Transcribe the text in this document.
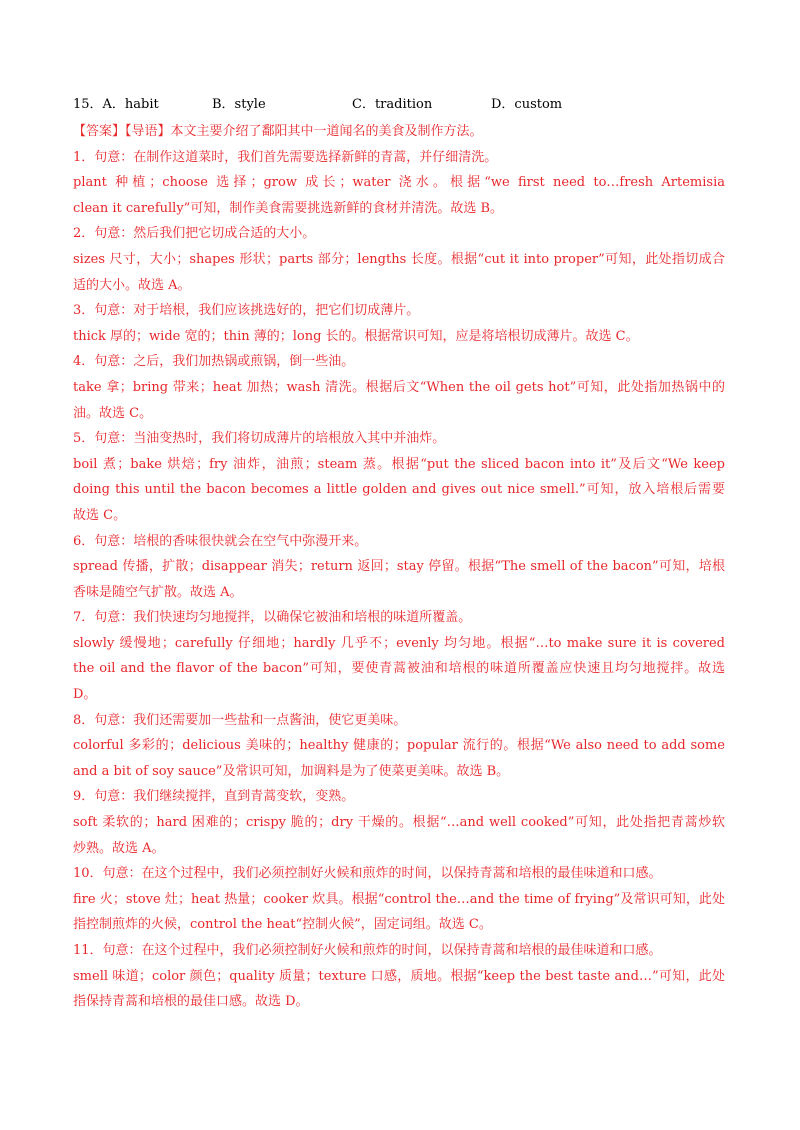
15．A．habit	B．style	C．tradition	D．custom
【答案】【导语】本文主要介绍了鄱阳其中一道闻名的美食及制作方法。
1．句意：在制作这道菜时，我们首先需要选择新鲜的青蒿，并仔细清洗。
plant 种植；choose 选择；grow 成长；water 浇水。根据“we first need to…fresh Artemisia
clean it carefully”可知，制作美食需要挑选新鲜的食材并清洗。故选 B。
2．句意：然后我们把它切成合适的大小。
sizes 尺寸，大小；shapes 形状；parts 部分；lengths 长度。根据“cut it into proper”可知，此处指切成合
适的大小。故选 A。
3．句意：对于培根，我们应该挑选好的，把它们切成薄片。
thick 厚的；wide 宽的；thin 薄的；long 长的。根据常识可知，应是将培根切成薄片。故选 C。
4．句意：之后，我们加热锅或煎锅，倒一些油。
take 拿；bring 带来；heat 加热；wash 清洗。根据后文“When the oil gets hot”可知，此处指加热锅中的
油。故选 C。
5．句意：当油变热时，我们将切成薄片的培根放入其中并油炸。
boil 煮；bake 烘焙；fry 油炸，油煎；steam 蒸。根据“put the sliced bacon into it”及后文“We keep
doing this until the bacon becomes a little golden and gives out nice smell.”可知，放入培根后需要
故选 C。
6．句意：培根的香味很快就会在空气中弥漫开来。
spread 传播，扩散；disappear 消失；return 返回；stay 停留。根据“The smell of the bacon”可知，培根
香味是随空气扩散。故选 A。
7．句意：我们快速均匀地搅拌，以确保它被油和培根的味道所覆盖。
slowly 缓慢地；carefully 仔细地；hardly 几乎不；evenly 均匀地。根据“…to make sure it is covered
the oil and the flavor of the bacon”可知，要使青蒿被油和培根的味道所覆盖应快速且均匀地搅拌。故选
D。
8．句意：我们还需要加一些盐和一点酱油，使它更美味。
colorful 多彩的；delicious 美味的；healthy 健康的；popular 流行的。根据“We also need to add some
and a bit of soy sauce”及常识可知，加调料是为了使菜更美味。故选 B。
9．句意：我们继续搅拌，直到青蒿变软，变熟。
soft 柔软的；hard 困难的；crispy 脆的；dry 干燥的。根据“…and well cooked”可知，此处指把青蒿炒软
炒熟。故选 A。
10．句意：在这个过程中，我们必须控制好火候和煎炸的时间，以保持青蒿和培根的最佳味道和口感。
fire 火；stove 灶；heat 热量；cooker 炊具。根据“control the…and the time of frying”及常识可知，此处
指控制煎炸的火候，control the heat“控制火候”，固定词组。故选 C。
11．句意：在这个过程中，我们必须控制好火候和煎炸的时间，以保持青蒿和培根的最佳味道和口感。
smell 味道；color 颜色；quality 质量；texture 口感，质地。根据“keep the best taste and…”可知，此处
指保持青蒿和培根的最佳口感。故选 D。
